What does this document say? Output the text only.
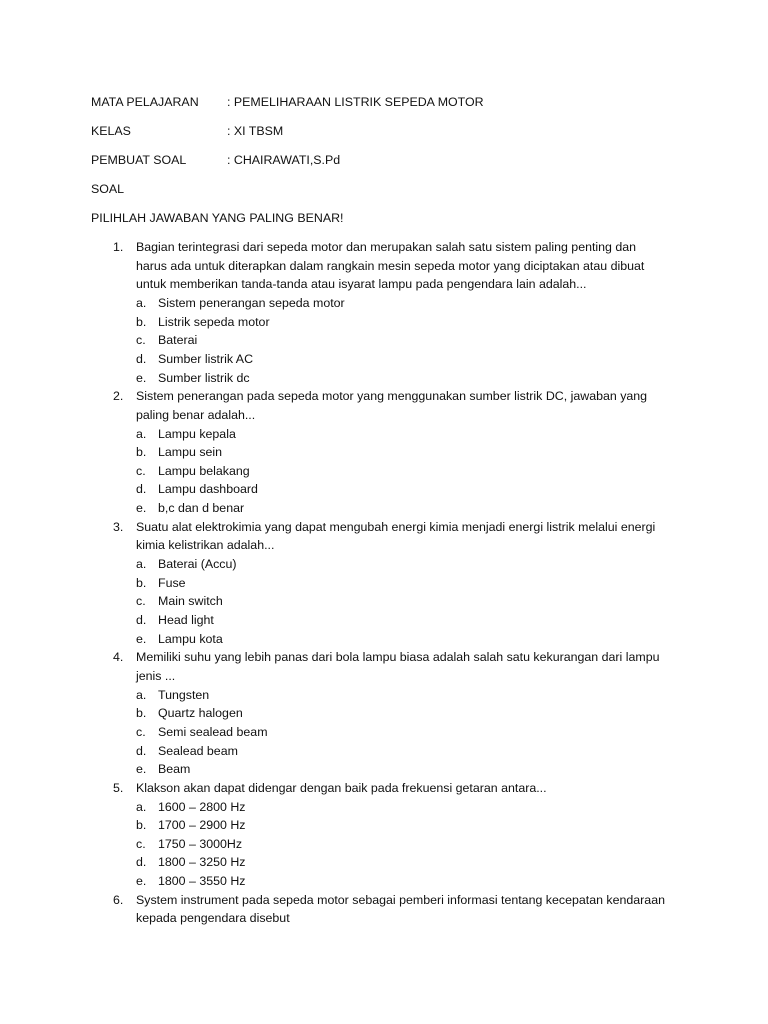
MATA PELAJARAN : PEMELIHARAAN LISTRIK SEPEDA MOTOR
KELAS	: XI TBSM
PEMBUAT SOAL	: CHAIRAWATI,S.Pd
SOAL
PILIHLAH JAWABAN YANG PALING BENAR!
1. Bagian terintegrasi dari sepeda motor dan merupakan salah satu sistem paling penting dan
harus ada untuk diterapkan dalam rangkain mesin sepeda motor yang diciptakan atau dibuat
untuk memberikan tanda-tanda atau isyarat lampu pada pengendara lain adalah...
a. Sistem penerangan sepeda motor
b. Listrik sepeda motor
c. Baterai
d. Sumber listrik AC
e. Sumber listrik dc
2. Sistem penerangan pada sepeda motor yang menggunakan sumber listrik DC, jawaban yang
paling benar adalah...
a. Lampu kepala
b. Lampu sein
c. Lampu belakang
d. Lampu dashboard
e. b,c dan d benar
3. Suatu alat elektrokimia yang dapat mengubah energi kimia menjadi energi listrik melalui energi
kimia kelistrikan adalah...
a. Baterai (Accu)
b. Fuse
c. Main switch
d. Head light
e. Lampu kota
4. Memiliki suhu yang lebih panas dari bola lampu biasa adalah salah satu kekurangan dari lampu
jenis ...
a. Tungsten
b. Quartz halogen
c. Semi sealead beam
d. Sealead beam
e. Beam
5. Klakson akan dapat didengar dengan baik pada frekuensi getaran antara...
a. 1600 – 2800 Hz
b. 1700 – 2900 Hz
c. 1750 – 3000Hz
d. 1800 – 3250 Hz
e. 1800 – 3550 Hz
6. System instrument pada sepeda motor sebagai pemberi informasi tentang kecepatan kendaraan
kepada pengendara disebut
